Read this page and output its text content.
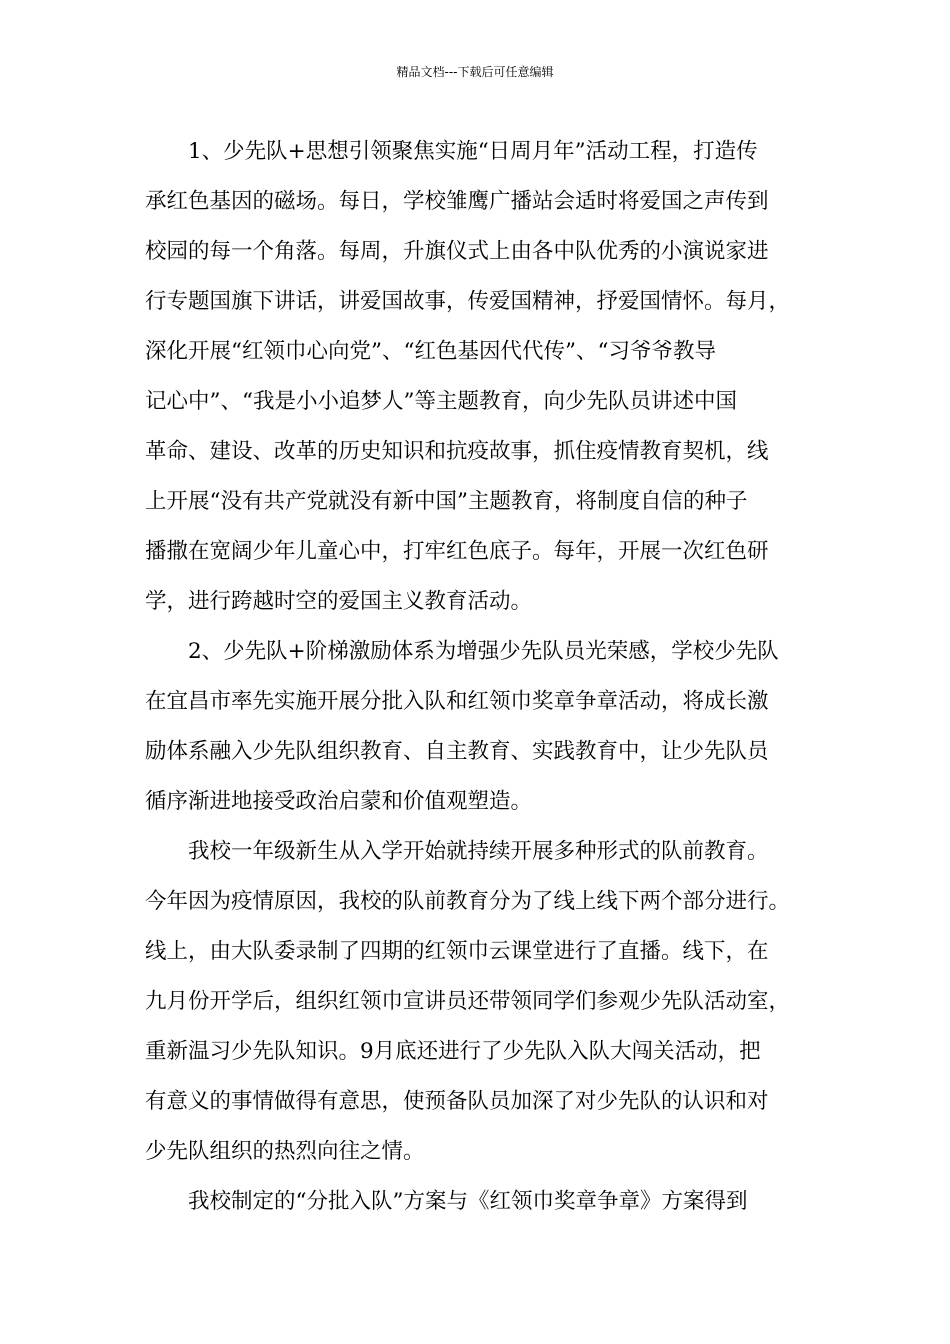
精品文档---下载后可任意编辑
　　1、少先队+思想引领聚焦实施“日周月年”活动工程，打造传
承红色基因的磁场。每日，学校雏鹰广播站会适时将爱国之声传到
校园的每一个角落。每周，升旗仪式上由各中队优秀的小演说家进
行专题国旗下讲话，讲爱国故事，传爱国精神，抒爱国情怀。每月，
深化开展“红领巾心向党”、“红色基因代代传”、“习爷爷教导
记心中”、“我是小小追梦人”等主题教育，向少先队员讲述中国
革命、建设、改革的历史知识和抗疫故事，抓住疫情教育契机，线
上开展“没有共产党就没有新中国”主题教育，将制度自信的种子
播撒在宽阔少年儿童心中，打牢红色底子。每年，开展一次红色研
学，进行跨越时空的爱国主义教育活动。
　　2、少先队+阶梯激励体系为增强少先队员光荣感，学校少先队
在宜昌市率先实施开展分批入队和红领巾奖章争章活动，将成长激
励体系融入少先队组织教育、自主教育、实践教育中，让少先队员
循序渐进地接受政治启蒙和价值观塑造。
　　我校一年级新生从入学开始就持续开展多种形式的队前教育。
今年因为疫情原因，我校的队前教育分为了线上线下两个部分进行。
线上，由大队委录制了四期的红领巾云课堂进行了直播。线下，在
九月份开学后，组织红领巾宣讲员还带领同学们参观少先队活动室，
重新温习少先队知识。9月底还进行了少先队入队大闯关活动，把
有意义的事情做得有意思，使预备队员加深了对少先队的认识和对
少先队组织的热烈向往之情。
　　我校制定的“分批入队”方案与《红领巾奖章争章》方案得到
